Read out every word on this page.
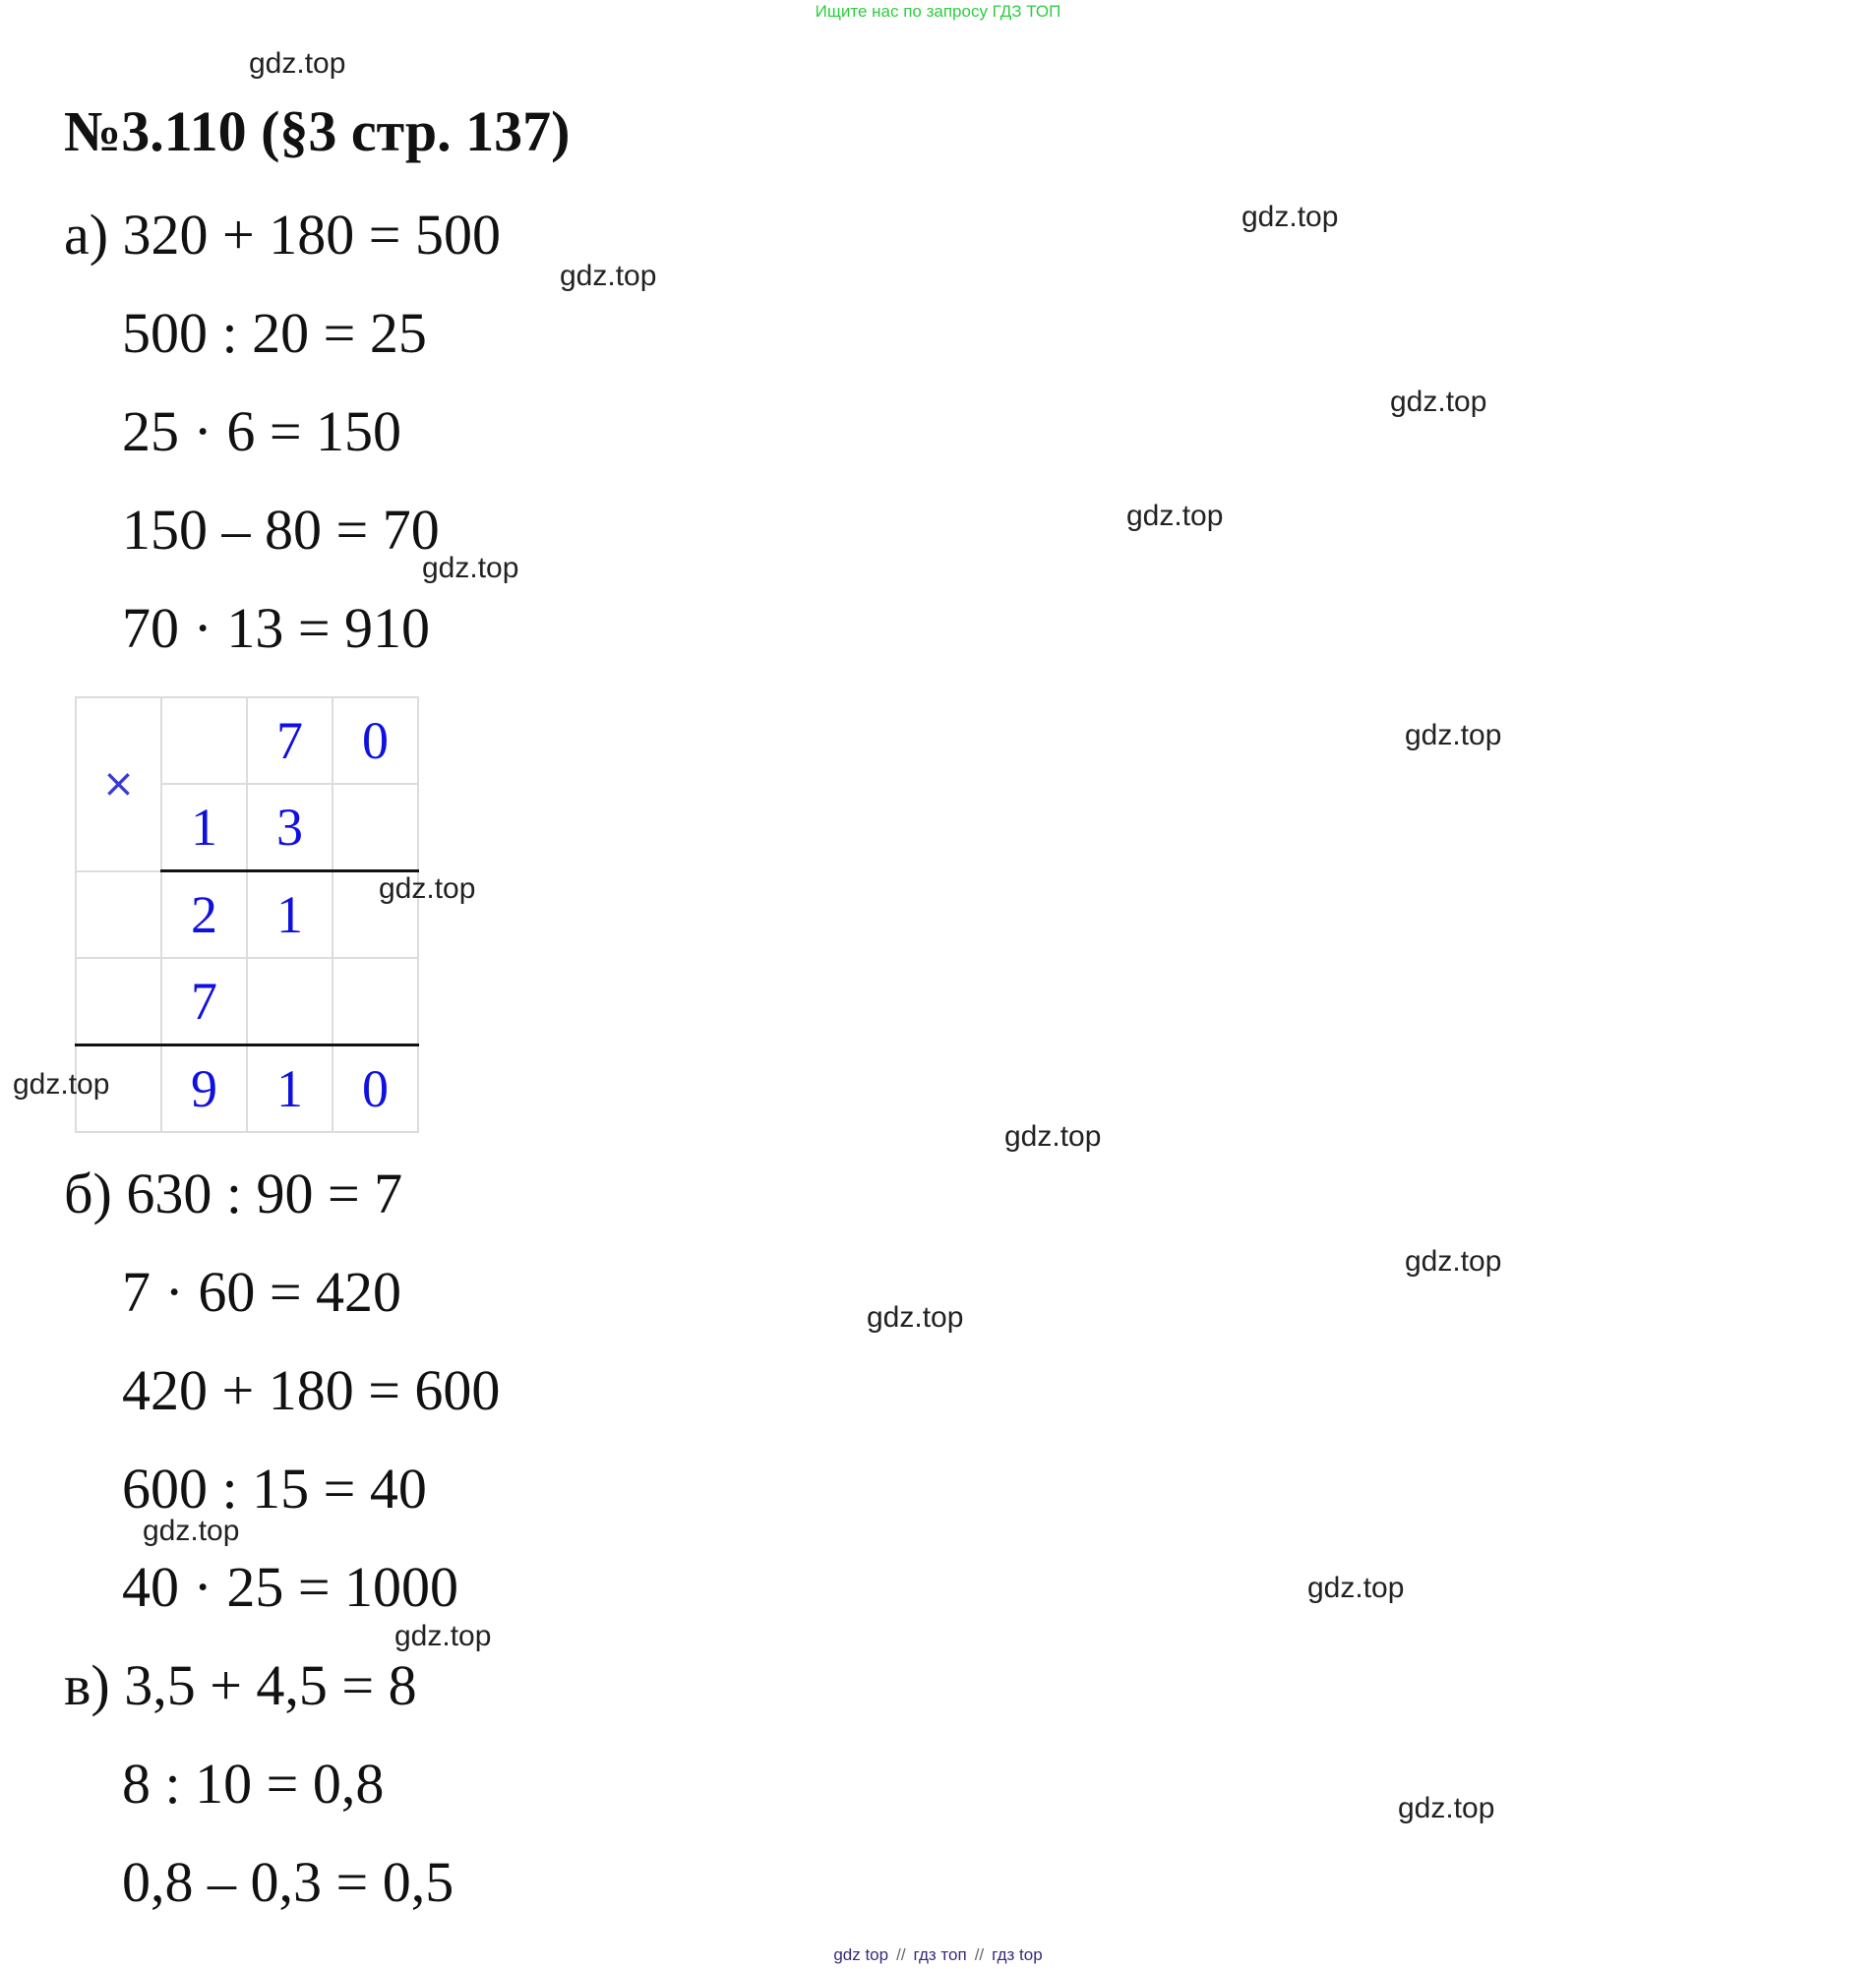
Ищите нас по запросу ГДЗ ТОП
№3.110 (§3 стр. 137)
а) 320 + 180 = 500
500 : 20 = 25
25 · 6 = 150
150 – 80 = 70
70 · 13 = 910
×		7	0
	1	3	
	2	1	
	7		
	9	1	0
б) 630 : 90 = 7
7 · 60 = 420
420 + 180 = 600
600 : 15 = 40
40 · 25 = 1000
в) 3,5 + 4,5 = 8
8 : 10 = 0,8
0,8 – 0,3 = 0,5
gdz.top
gdz.top
gdz.top
gdz.top
gdz.top
gdz.top
gdz.top
gdz.top
gdz.top
gdz.top
gdz.top
gdz.top
gdz.top
gdz.top
gdz.top
gdz.top
gdz top // гдз топ // гдз top
